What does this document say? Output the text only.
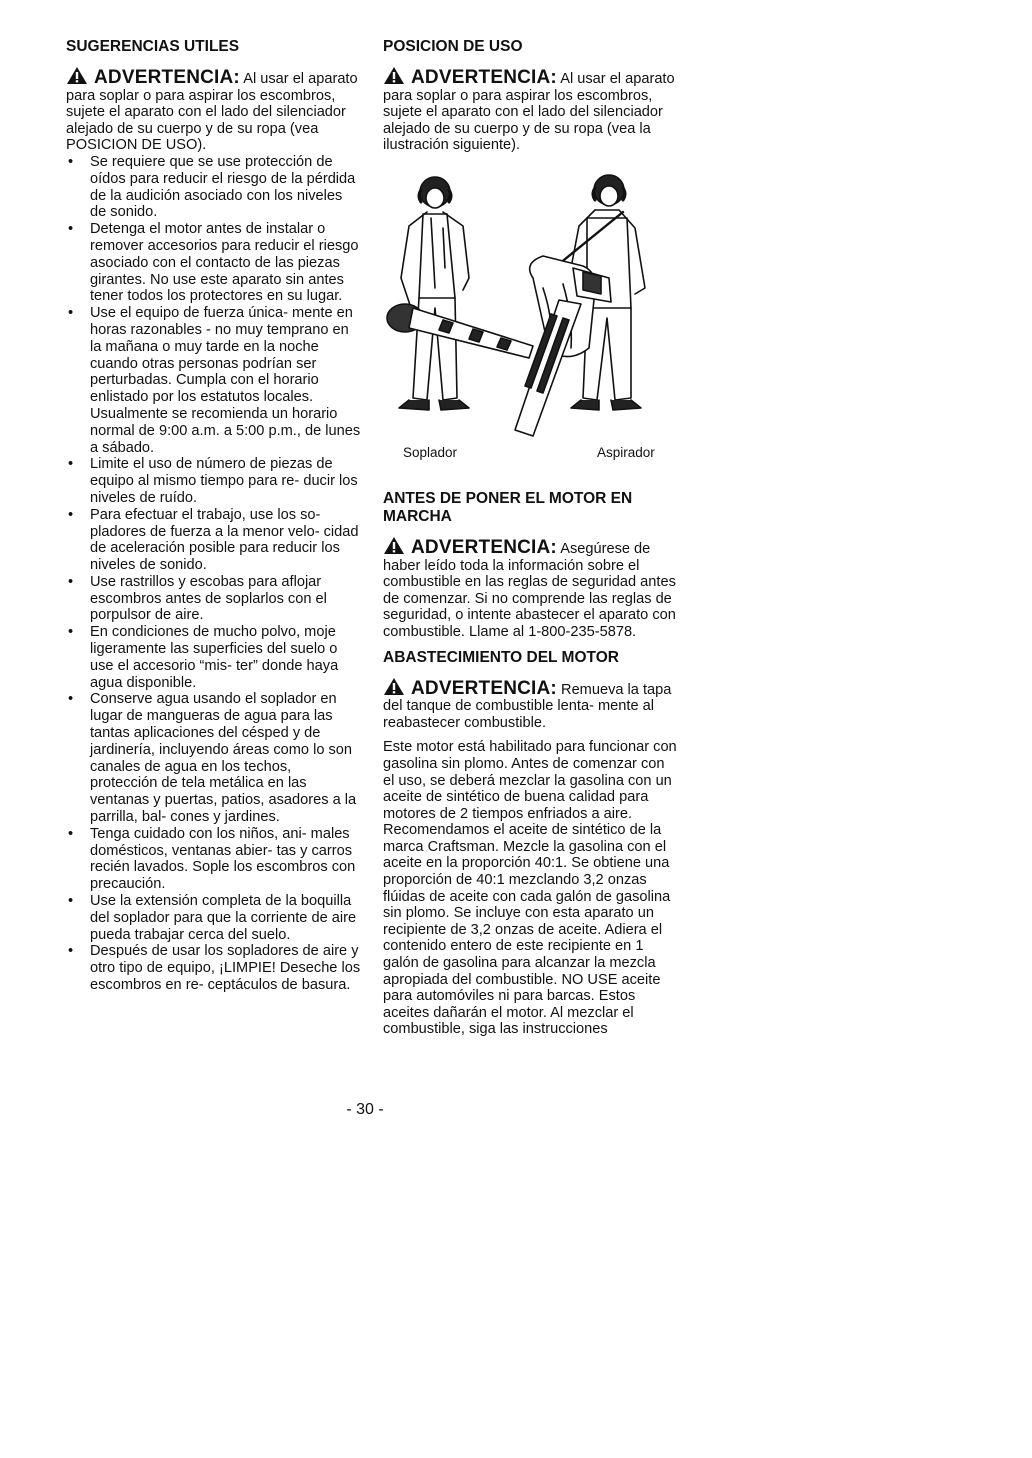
SUGERENCIAS UTILES

ADVERTENCIA: Al usar el aparato para soplar o para aspirar los escombros, sujete el aparato con el lado del silenciador alejado de su cuerpo y de su ropa (vea POSICION DE USO).

• Se requiere que se use protección de oídos para reducir el riesgo de la pérdida de la audición asociado con los niveles de sonido.
• Detenga el motor antes de instalar o remover accesorios para reducir el riesgo asociado con el contacto de las piezas girantes. No use este aparato sin antes tener todos los protectores en su lugar.
• Use el equipo de fuerza única- mente en horas razonables - no muy temprano en la mañana o muy tarde en la noche cuando otras personas podrían ser perturbadas. Cumpla con el horario enlistado por los estatutos locales. Usualmente se recomienda un horario normal de 9:00 a.m. a 5:00 p.m., de lunes a sábado.
• Limite el uso de número de piezas de equipo al mismo tiempo para re- ducir los niveles de ruído.
• Para efectuar el trabajo, use los so- pladores de fuerza a la menor velo- cidad de aceleración posible para reducir los niveles de sonido.
• Use rastrillos y escobas para aflojar escombros antes de soplarlos con el porpulsor de aire.
• En condiciones de mucho polvo, moje ligeramente las superficies del suelo o use el accesorio “mis- ter” donde haya agua disponible.
• Conserve agua usando el soplador en lugar de mangueras de agua para las tantas aplicaciones del césped y de jardinería, incluyendo áreas como lo son canales de agua en los techos, protección de tela metálica en las ventanas y puertas, patios, asadores a la parrilla, bal- cones y jardines.
• Tenga cuidado con los niños, ani- males domésticos, ventanas abier- tas y carros recién lavados. Sople los escombros con precaución.
• Use la extensión completa de la boquilla del soplador para que la corriente de aire pueda trabajar cerca del suelo.
• Después de usar los sopladores de aire y otro tipo de equipo, ¡LIMPIE! Deseche los escombros en re- ceptáculos de basura.

POSICION DE USO

ADVERTENCIA: Al usar el aparato para soplar o para aspirar los escombros, sujete el aparato con el lado del silenciador alejado de su cuerpo y de su ropa (vea la ilustración siguiente).

Soplador	Aspirador

ANTES DE PONER EL MOTOR EN MARCHA

ADVERTENCIA: Asegúrese de haber leído toda la información sobre el combustible en las reglas de seguridad antes de comenzar. Si no comprende las reglas de seguridad, o intente abastecer el aparato con combustible. Llame al 1-800-235-5878.

ABASTECIMIENTO DEL MOTOR

ADVERTENCIA: Remueva la tapa del tanque de combustible lenta- mente al reabastecer combustible.

Este motor está habilitado para funcionar con gasolina sin plomo. Antes de comenzar con el uso, se deberá mezclar la gasolina con un aceite de sintético de buena calidad para motores de 2 tiempos enfriados a aire. Recomendamos el aceite de sintético de la marca Craftsman. Mezcle la gasolina con el aceite en la proporción 40:1. Se obtiene una proporción de 40:1 mezclando 3,2 onzas flúidas de aceite con cada galón de gasolina sin plomo. Se incluye con esta aparato un recipiente de 3,2 onzas de aceite. Adiera el contenido entero de este recipiente en 1 galón de gasolina para alcanzar la mezcla apropiada del combustible. NO USE aceite para automóviles ni para barcas. Estos aceites dañarán el motor. Al mezclar el combustible, siga las instrucciones

- 30 -
